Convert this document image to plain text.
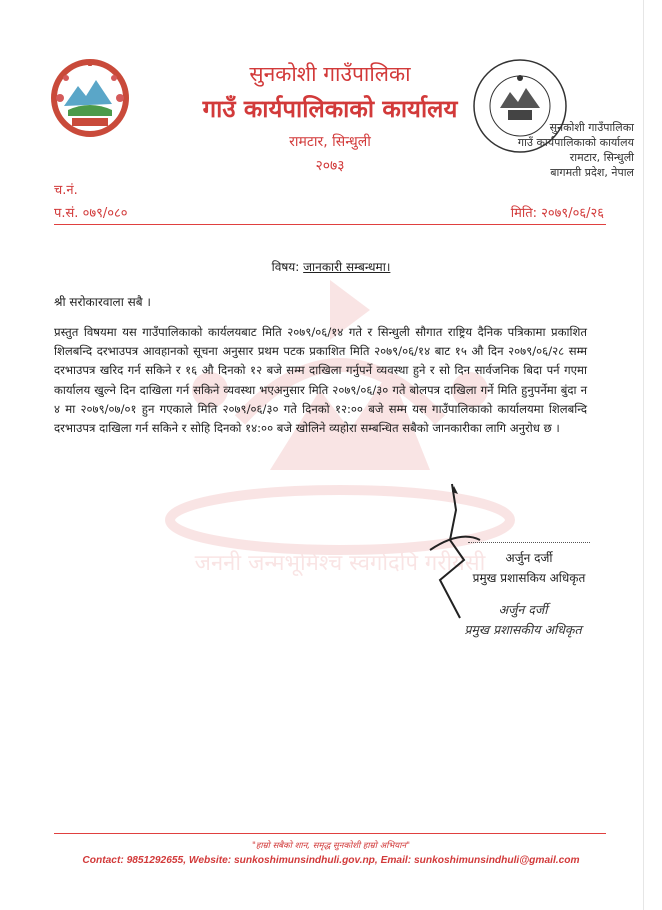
सुनकोशी गाउँपालिका
गाउँ कार्यपालिकाको कार्यालय
रामटार, सिन्धुली
२०७३
सुनकोशी गाउँपालिका
गाउँ कार्यपालिकाको कार्यालय
रामटार, सिन्धुली
बागमती प्रदेश, नेपाल
च.नं.
प.सं. ०७९/०८०	मिति: २०७९/०६/२६
जननी जन्मभूमिश्च स्वर्गादपि गरीयसी
विषय: जानकारी सम्बन्धमा।
श्री सरोकारवाला सबै ।
प्रस्तुत विषयमा यस गाउँपालिकाको कार्यलयबाट मिति २०७९/०६/१४ गते र सिन्धुली सौगात राष्ट्रिय दैनिक पत्रिकामा प्रकाशित शिलबन्दि दरभाउपत्र आवहानको सूचना अनुसार प्रथम पटक प्रकाशित मिति २०७९/०६/१४ बाट १५ औ दिन २०७९/०६/२८ सम्म दरभाउपत्र खरिद गर्न सकिने र १६ औ दिनको १२ बजे सम्म दाखिला गर्नुपर्ने व्यवस्था हुने र सो दिन सार्वजनिक बिदा पर्न गएमा कार्यालय खुल्ने दिन दाखिला गर्न सकिने व्यवस्था भएअनुसार मिति २०७९/०६/३० गते बोलपत्र दाखिला गर्ने मिति हुनुपर्नेमा बुंदा न ४ मा २०७९/०७/०१ हुन गएकाले मिति २०७९/०६/३० गते दिनको १२:०० बजे सम्म यस गाउँपालिकाको कार्यालयमा शिलबन्दि दरभाउपत्र दाखिला गर्न सकिने र सोहि दिनको १४:०० बजे खोलिने व्यहोरा सम्बन्धित सबैको जानकारीका लागि अनुरोध छ ।
अर्जुन दर्जी
प्रमुख प्रशासकिय अधिकृत
अर्जुन दर्जी
प्रमुख प्रशासकीय अधिकृत
"हाम्रो सबैको शान, समृद्ध सुनकोशी हाम्रो अभियान"
Contact: 9851292655, Website: sunkoshimunsindhuli.gov.np, Email: sunkoshimunsindhuli@gmail.com
